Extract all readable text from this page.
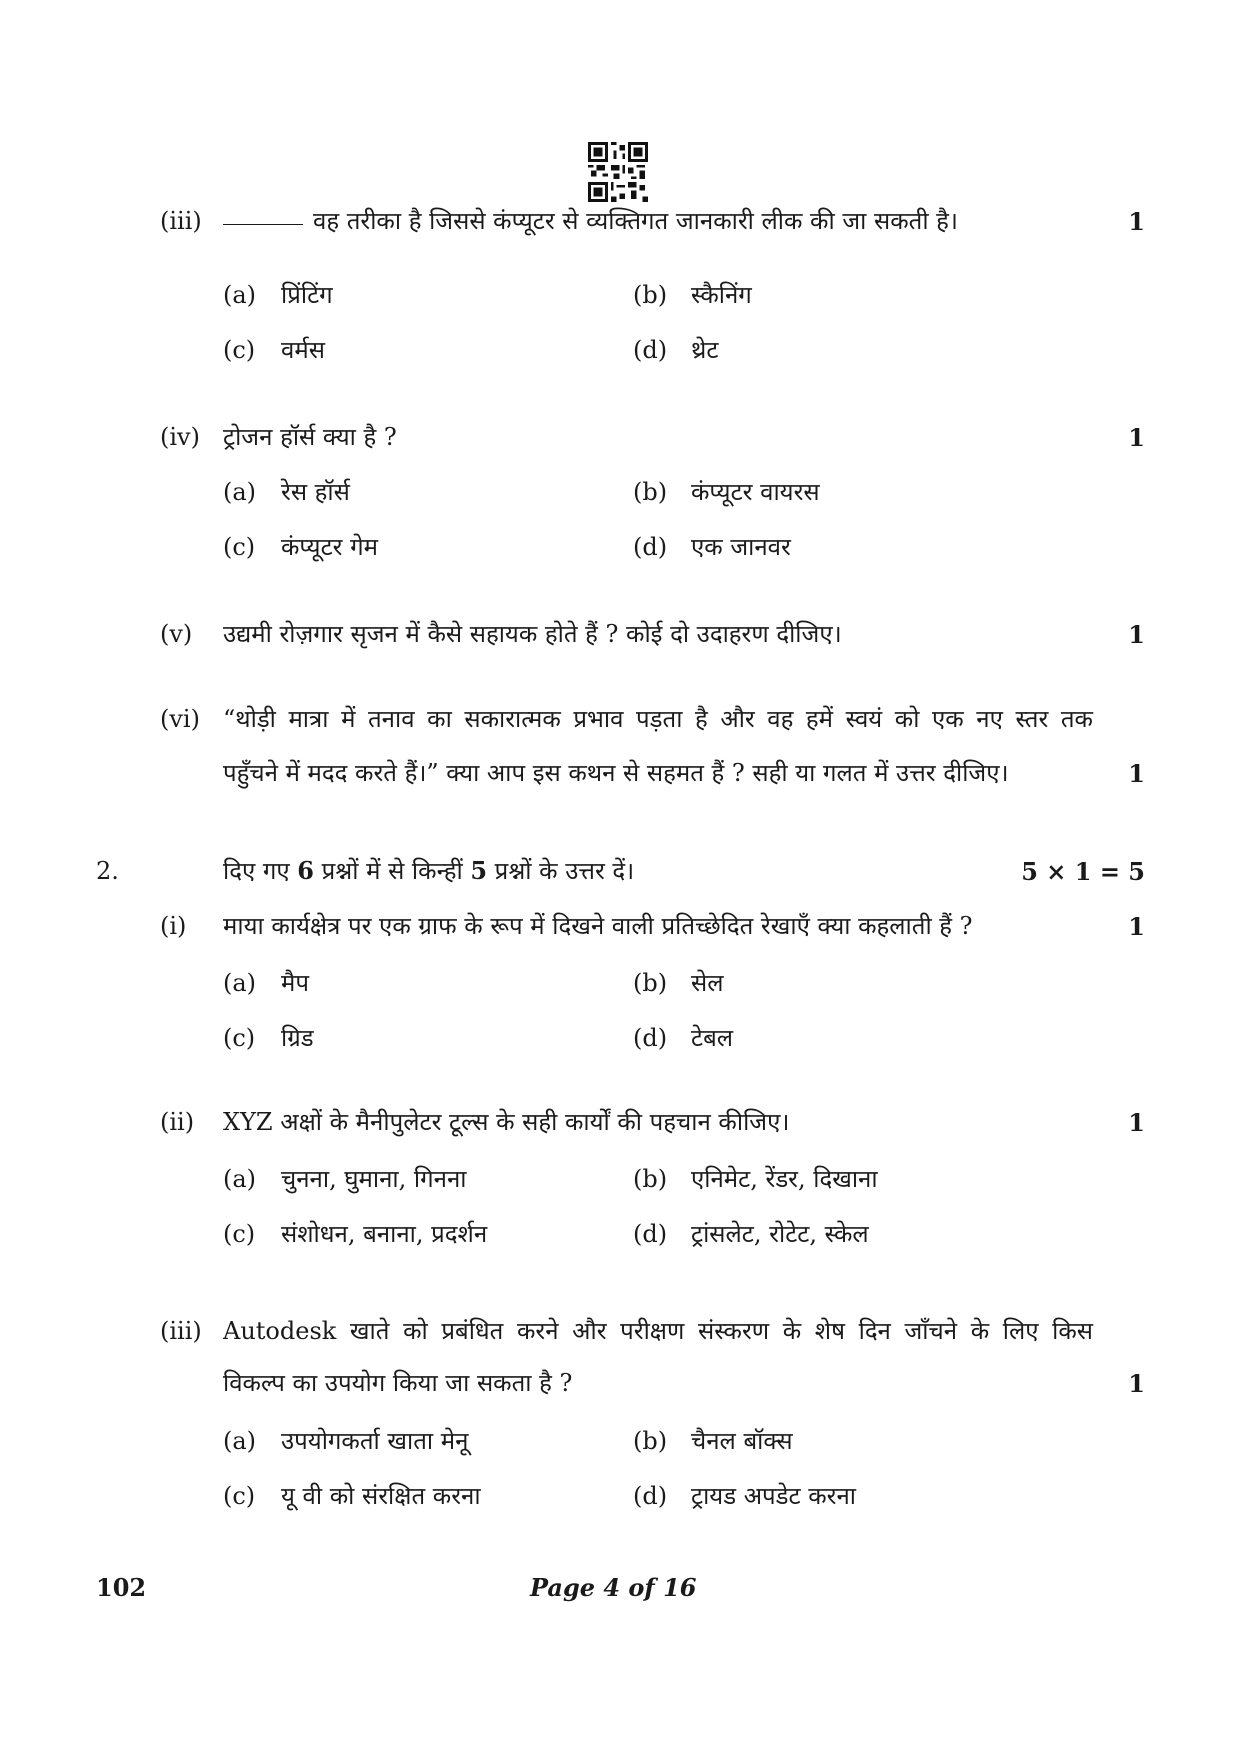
(iii)	वह तरीका है जिससे कंप्यूटर से व्यक्तिगत जानकारी लीक की जा सकती है।	1
(a) प्रिंटिंग	(b) स्कैनिंग
(c) वर्मस	(d) थ्रेट
(iv) ट्रोजन हॉर्स क्या है ?	1
(a) रेस हॉर्स	(b) कंप्यूटर वायरस
(c) कंप्यूटर गेम	(d) एक जानवर
(v) उद्यमी रोज़गार सृजन में कैसे सहायक होते हैं ? कोई दो उदाहरण दीजिए।	1
(vi) “थोड़ी मात्रा में तनाव का सकारात्मक प्रभाव पड़ता है और वह हमें स्वयं को एक नए स्तर तक
पहुँचने में मदद करते हैं।” क्या आप इस कथन से सहमत हैं ? सही या गलत में उत्तर दीजिए।	1
2.	दिए गए 6 प्रश्नों में से किन्हीं 5 प्रश्नों के उत्तर दें।	5 × 1 = 5
(i) माया कार्यक्षेत्र पर एक ग्राफ के रूप में दिखने वाली प्रतिच्छेदित रेखाएँ क्या कहलाती हैं ?	1
(a) मैप	(b) सेल
(c) ग्रिड	(d) टेबल
(ii) XYZ अक्षों के मैनीपुलेटर टूल्स के सही कार्यों की पहचान कीजिए।	1
(a) चुनना, घुमाना, गिनना	(b) एनिमेट, रेंडर, दिखाना
(c) संशोधन, बनाना, प्रदर्शन	(d) ट्रांसलेट, रोटेट, स्केल
(iii) Autodesk खाते को प्रबंधित करने और परीक्षण संस्करण के शेष दिन जाँचने के लिए किस
विकल्प का उपयोग किया जा सकता है ?	1
(a) उपयोगकर्ता खाता मेनू	(b) चैनल बॉक्स
(c) यू वी को संरक्षित करना	(d) ट्रायड अपडेट करना
102	Page 4 of 16
